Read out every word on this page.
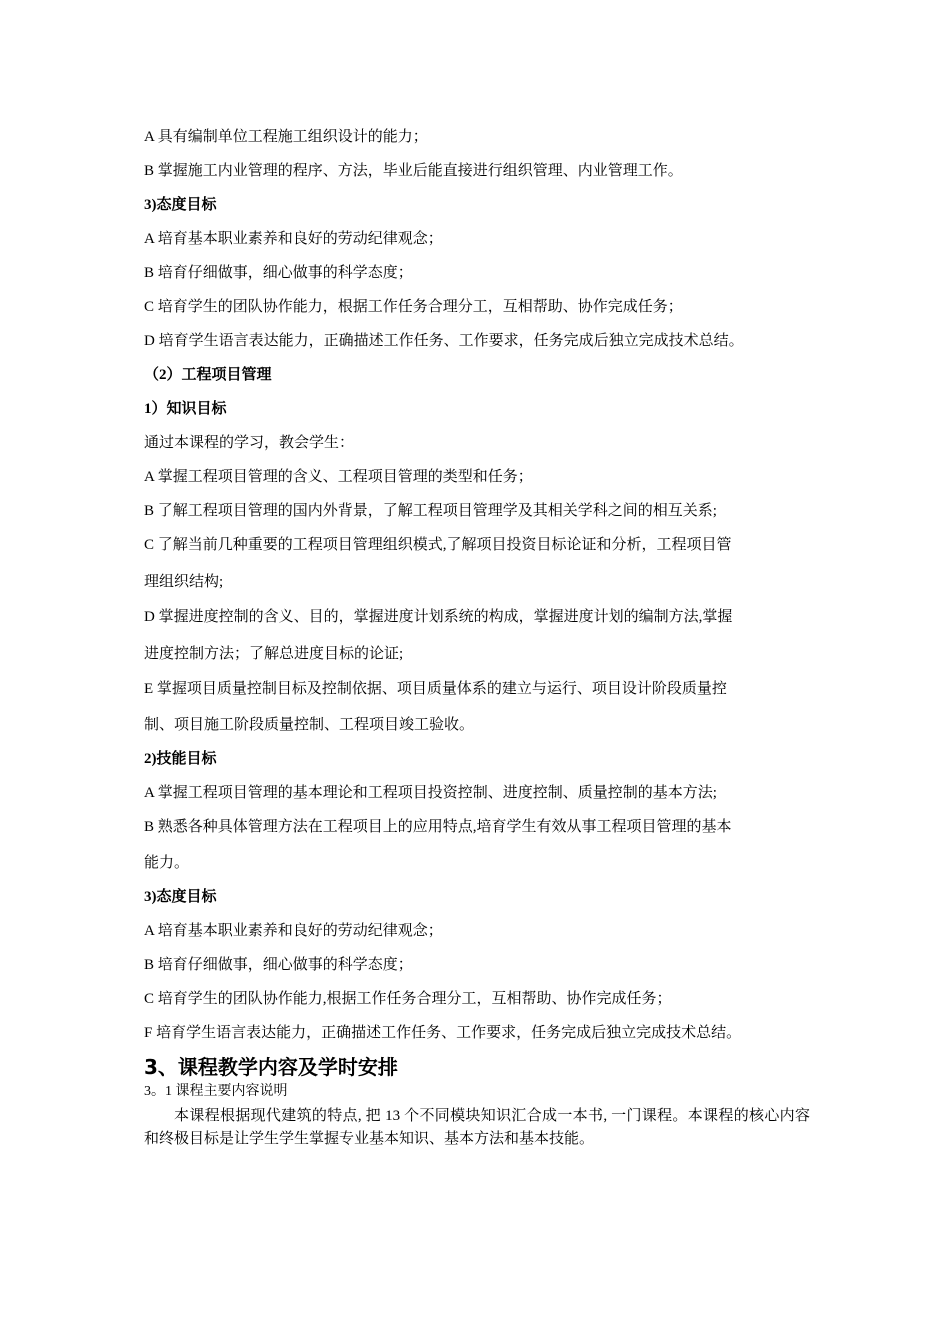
A 具有编制单位工程施工组织设计的能力；
B 掌握施工内业管理的程序、方法，毕业后能直接进行组织管理、内业管理工作。
3)态度目标
A 培育基本职业素养和良好的劳动纪律观念；
B 培育仔细做事，细心做事的科学态度；
C 培育学生的团队协作能力，根据工作任务合理分工，互相帮助、协作完成任务；
D 培育学生语言表达能力，正确描述工作任务、工作要求，任务完成后独立完成技术总结。
（2）工程项目管理
1）知识目标
通过本课程的学习，教会学生：
A 掌握工程项目管理的含义、工程项目管理的类型和任务；
B 了解工程项目管理的国内外背景，了解工程项目管理学及其相关学科之间的相互关系;
C 了解当前几种重要的工程项目管理组织模式,了解项目投资目标论证和分析，工程项目管
理组织结构;
D 掌握进度控制的含义、目的，掌握进度计划系统的构成，掌握进度计划的编制方法,掌握
进度控制方法；了解总进度目标的论证;
E 掌握项目质量控制目标及控制依据、项目质量体系的建立与运行、项目设计阶段质量控
制、项目施工阶段质量控制、工程项目竣工验收。
2)技能目标
A 掌握工程项目管理的基本理论和工程项目投资控制、进度控制、质量控制的基本方法;
B 熟悉各种具体管理方法在工程项目上的应用特点,培育学生有效从事工程项目管理的基本
能力。
3)态度目标
A 培育基本职业素养和良好的劳动纪律观念；
B 培育仔细做事，细心做事的科学态度；
C 培育学生的团队协作能力,根据工作任务合理分工，互相帮助、协作完成任务；
F 培育学生语言表达能力，正确描述工作任务、工作要求，任务完成后独立完成技术总结。
3、课程教学内容及学时安排
3。1 课程主要内容说明
本课程根据现代建筑的特点, 把 13 个不同模块知识汇合成一本书, 一门课程。本课程的核心内容和终极目标是让学生学生掌握专业基本知识、基本方法和基本技能。
